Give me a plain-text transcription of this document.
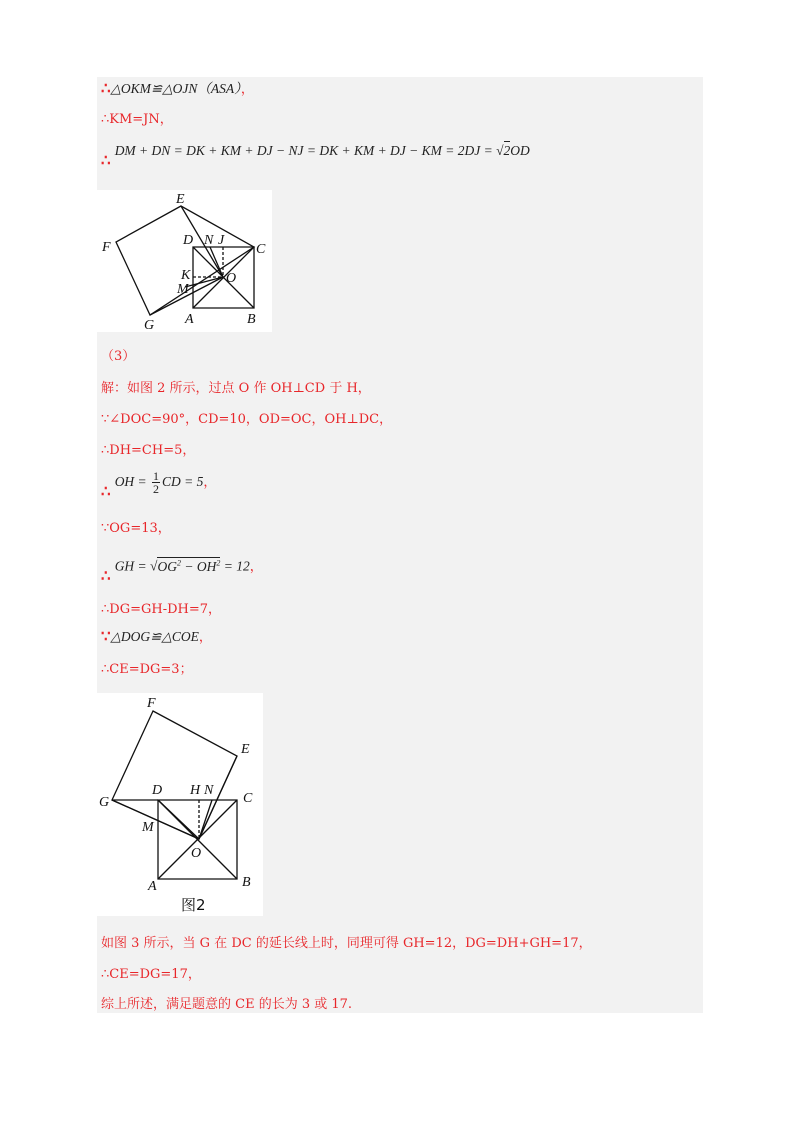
∴△OKM≌△OJN（ASA），
∴KM=JN，
∴ DM + DN = DK + KM + DJ − NJ = DK + KM + DJ − KM = 2DJ = √2OD
E
F	D N J
C
K	O
M
G A	B
（3）
解：如图 2 所示，过点 O 作 OH⊥CD 于 H，
∵∠DOC=90°，CD=10，OD=OC，OH⊥DC，
∴DH=CH=5，
∴ OH = $\frac{1}{2}$ CD = 5，
∵OG=13，
∴ GH = $√OG^2 - OH^2 = 12$，
∴DG=GH-DH=7，
∵△DOG≌△COE，
∴CE=DG=3；
F
E
D H N
C
G
M
O
A	B
图2
如图 3 所示，当 G 在 DC 的延长线上时，同理可得 GH=12，DG=DH+GH=17，
∴CE=DG=17，
综上所述，满足题意的 CE 的长为 3 或 17.
